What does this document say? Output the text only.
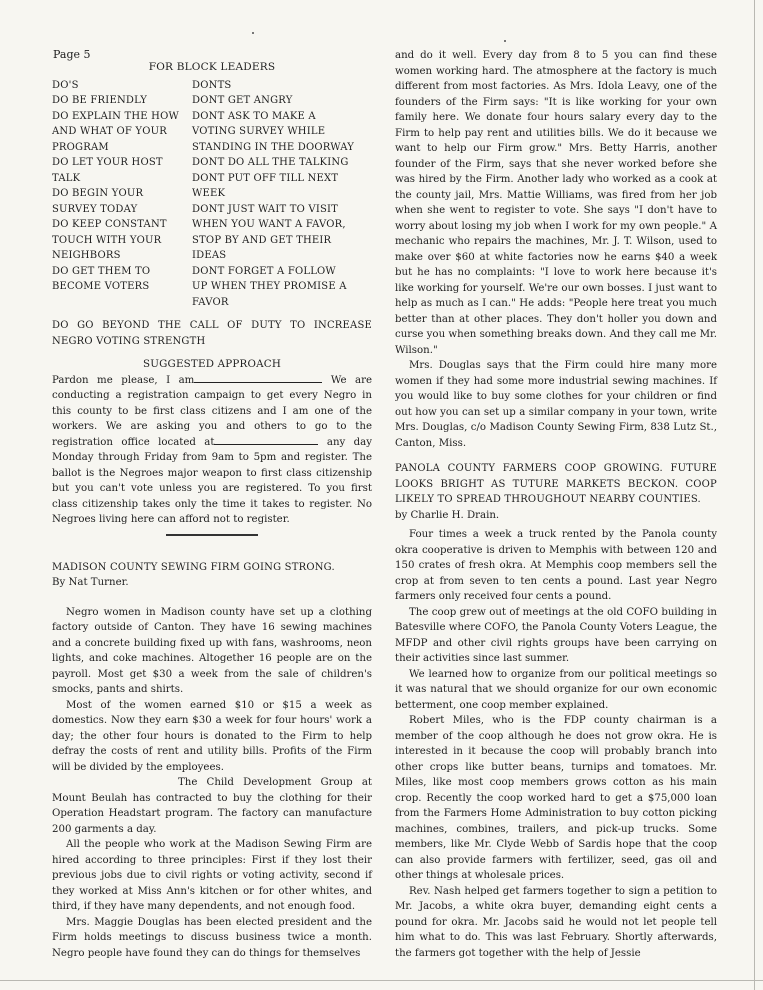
Page 5
FOR BLOCK LEADERS
DO'S	DONTS
DO BE FRIENDLY	DONT GET ANGRY
DO EXPLAIN THE HOW	DONT ASK TO MAKE A
AND WHAT OF YOUR	VOTING SURVEY WHILE
PROGRAM	STANDING IN THE DOORWAY
DO LET YOUR HOST	DONT DO ALL THE TALKING
TALK	DONT PUT OFF TILL NEXT
DO BEGIN YOUR	WEEK
SURVEY TODAY	DONT JUST WAIT TO VISIT
DO KEEP CONSTANT	WHEN YOU WANT A FAVOR,
TOUCH WITH YOUR	STOP BY AND GET THEIR
NEIGHBORS	IDEAS
DO GET THEM TO	DONT FORGET A FOLLOW
BECOME VOTERS	UP WHEN THEY PROMISE A
	FAVOR
DO GO BEYOND THE CALL OF DUTY TO INCREASE NEGRO VOTING STRENGTH
SUGGESTED APPROACH
Pardon me please, I am	We are conducting a registration campaign to get every Negro in this county to be first class citizens and I am one of the workers. We are asking you and others to go to the registration office located at	any day Monday through Friday from 9am to 5pm and register. The ballot is the Negroes major weapon to first class citizenship but you can't vote unless you are registered. To you first class citizenship takes only the time it takes to register. No Negroes living here can afford not to register.
MADISON COUNTY SEWING FIRM GOING STRONG.
By Nat Turner.

Negro women in Madison county have set up a clothing factory outside of Canton. They have 16 sewing machines and a concrete building fixed up with fans, washrooms, neon lights, and coke machines. Altogether 16 people are on the payroll. Most get $30 a week from the sale of children's smocks, pants and shirts.

Most of the women earned $10 or $15 a week as domestics. Now they earn $30 a week for four hours' work a day; the other four hours is donated to the Firm to help defray the costs of rent and utility bills. Profits of the Firm will be divided by the employees.

The Child Development Group at Mount Beulah has contracted to buy the clothing for their Operation Headstart program. The factory can manufacture 200 garments a day.

All the people who work at the Madison Sewing Firm are hired according to three principles: First if they lost their previous jobs due to civil rights or voting activity, second if they worked at Miss Ann's kitchen or for other whites, and third, if they have many dependents, and not enough food.

Mrs. Maggie Douglas has been elected president and the Firm holds meetings to discuss business twice a month. Negro people have found they can do things for themselves

and do it well. Every day from 8 to 5 you can find these women working hard. The atmosphere at the factory is much different from most factories. As Mrs. Idola Leavy, one of the founders of the Firm says: "It is like working for your own family here. We donate four hours salary every day to the Firm to help pay rent and utilities bills. We do it because we want to help our Firm grow." Mrs. Betty Harris, another founder of the Firm, says that she never worked before she was hired by the Firm. Another lady who worked as a cook at the county jail, Mrs. Mattie Williams, was fired from her job when she went to register to vote. She says "I don't have to worry about losing my job when I work for my own people." A mechanic who repairs the machines, Mr. J. T. Wilson, used to make over $60 at white factories now he earns $40 a week but he has no complaints: "I love to work here because it's like working for yourself. We're our own bosses. I just want to help as much as I can." He adds: "People here treat you much better than at other places. They don't holler you down and curse you when something breaks down. And they call me Mr. Wilson."

Mrs. Douglas says that the Firm could hire many more women if they had some more industrial sewing machines. If you would like to buy some clothes for your children or find out how you can set up a similar company in your town, write Mrs. Douglas, c/o Madison County Sewing Firm, 838 Lutz St., Canton, Miss.

PANOLA COUNTY FARMERS COOP GROWING. FUTURE LOOKS BRIGHT AS TUTURE MARKETS BECKON. COOP LIKELY TO SPREAD THROUGHOUT NEARBY COUNTIES.
by Charlie H. Drain.

Four times a week a truck rented by the Panola county okra cooperative is driven to Memphis with between 120 and 150 crates of fresh okra. At Memphis coop members sell the crop at from seven to ten cents a pound. Last year Negro farmers only received four cents a pound.

The coop grew out of meetings at the old COFO building in Batesville where COFO, the Panola County Voters League, the MFDP and other civil rights groups have been carrying on their activities since last summer.

We learned how to organize from our political meetings so it was natural that we should organize for our own economic betterment, one coop member explained.

Robert Miles, who is the FDP county chairman is a member of the coop although he does not grow okra. He is interested in it because the coop will probably branch into other crops like butter beans, turnips and tomatoes. Mr. Miles, like most coop members grows cotton as his main crop. Recently the coop worked hard to get a $75,000 loan from the Farmers Home Administration to buy cotton picking machines, combines, trailers, and pick-up trucks. Some members, like Mr. Clyde Webb of Sardis hope that the coop can also provide farmers with fertilizer, seed, gas oil and other things at wholesale prices.

Rev. Nash helped get farmers together to sign a petition to Mr. Jacobs, a white okra buyer, demanding eight cents a pound for okra. Mr. Jacobs said he would not let people tell him what to do. This was last February. Shortly afterwards, the farmers got together with the help of Jessie
